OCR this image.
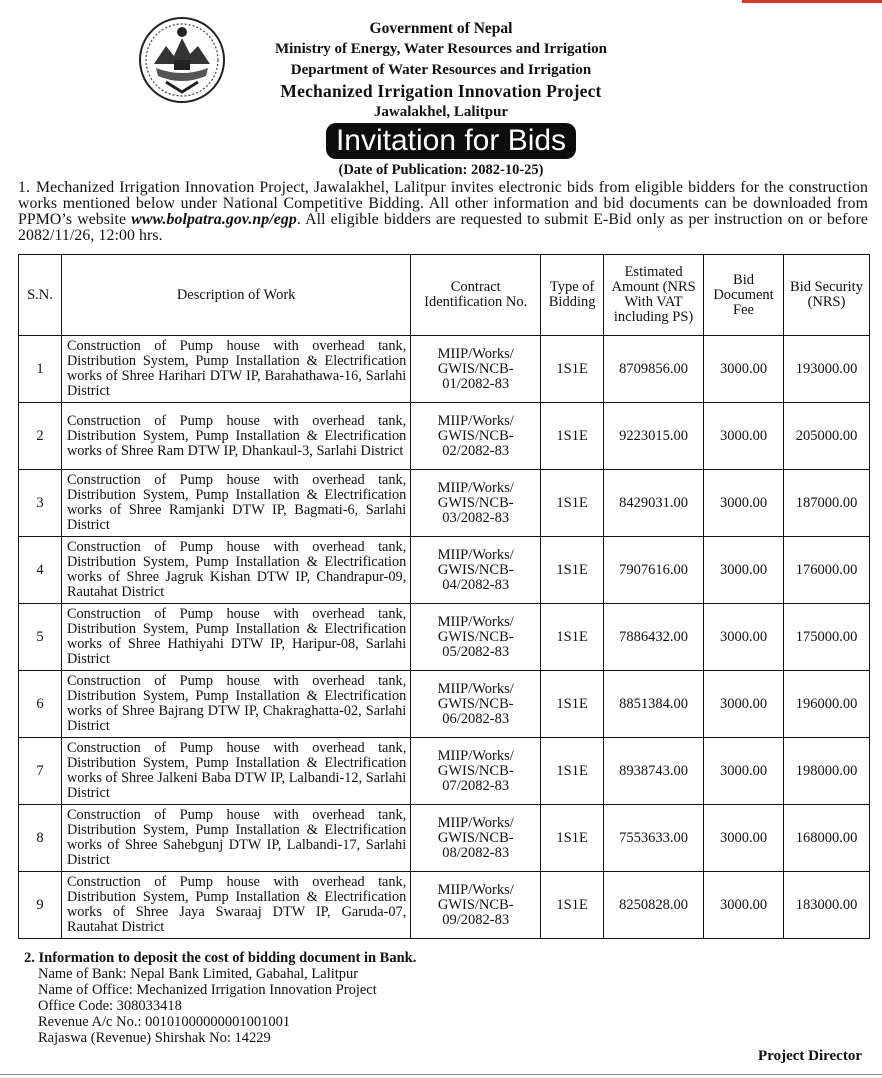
Government of Nepal
Ministry of Energy, Water Resources and Irrigation
Department of Water Resources and Irrigation
Mechanized Irrigation Innovation Project
Jawalakhel, Lalitpur
Invitation for Bids
(Date of Publication: 2082-10-25)
1. Mechanized Irrigation Innovation Project, Jawalakhel, Lalitpur invites electronic bids from eligible bidders for the construction works mentioned below under National Competitive Bidding. All other information and bid documents can be downloaded from PPMO’s website www.bolpatra.gov.np/egp. All eligible bidders are requested to submit E-Bid only as per instruction on or before 2082/11/26, 12:00 hrs.
S.N.	Description of Work	Contract Identification No.	Type of Bidding	Estimated Amount (NRS With VAT including PS)	Bid Document Fee	Bid Security (NRS)
1	Construction of Pump house with overhead tank, Distribution System, Pump Installation & Electrification works of Shree Harihari DTW IP, Barahathawa-16, Sarlahi District	MIIP/Works/
GWIS/NCB-
01/2082-83	1S1E	8709856.00	3000.00	193000.00
2	Construction of Pump house with overhead tank, Distribution System, Pump Installation & Electrification works of Shree Ram DTW IP, Dhankaul-3, Sarlahi District	MIIP/Works/
GWIS/NCB-
02/2082-83	1S1E	9223015.00	3000.00	205000.00
3	Construction of Pump house with overhead tank, Distribution System, Pump Installation & Electrification works of Shree Ramjanki DTW IP, Bagmati-6, Sarlahi District	MIIP/Works/
GWIS/NCB-
03/2082-83	1S1E	8429031.00	3000.00	187000.00
4	Construction of Pump house with overhead tank, Distribution System, Pump Installation & Electrification works of Shree Jagruk Kishan DTW IP, Chandrapur-09, Rautahat District	MIIP/Works/
GWIS/NCB-
04/2082-83	1S1E	7907616.00	3000.00	176000.00
5	Construction of Pump house with overhead tank, Distribution System, Pump Installation & Electrification works of Shree Hathiyahi DTW IP, Haripur-08, Sarlahi District	MIIP/Works/
GWIS/NCB-
05/2082-83	1S1E	7886432.00	3000.00	175000.00
6	Construction of Pump house with overhead tank, Distribution System, Pump Installation & Electrification works of Shree Bajrang DTW IP, Chakraghatta-02, Sarlahi District	MIIP/Works/
GWIS/NCB-
06/2082-83	1S1E	8851384.00	3000.00	196000.00
7	Construction of Pump house with overhead tank, Distribution System, Pump Installation & Electrification works of Shree Jalkeni Baba DTW IP, Lalbandi-12, Sarlahi District	MIIP/Works/
GWIS/NCB-
07/2082-83	1S1E	8938743.00	3000.00	198000.00
8	Construction of Pump house with overhead tank, Distribution System, Pump Installation & Electrification works of Shree Sahebgunj DTW IP, Lalbandi-17, Sarlahi District	MIIP/Works/
GWIS/NCB-
08/2082-83	1S1E	7553633.00	3000.00	168000.00
9	Construction of Pump house with overhead tank, Distribution System, Pump Installation & Electrification works of Shree Jaya Swaraaj DTW IP, Garuda-07, Rautahat District	MIIP/Works/
GWIS/NCB-
09/2082-83	1S1E	8250828.00	3000.00	183000.00
2. Information to deposit the cost of bidding document in Bank.
Name of Bank: Nepal Bank Limited, Gabahal, Lalitpur
Name of Office: Mechanized Irrigation Innovation Project
Office Code: 308033418
Revenue A/c No.: 00101000000001001001
Rajaswa (Revenue) Shirshak No: 14229
Project Director
